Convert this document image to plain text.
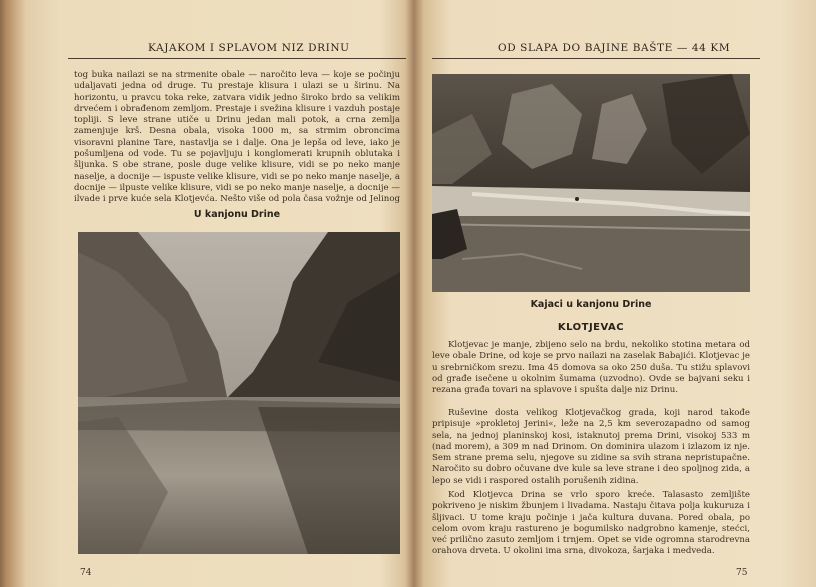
KAJAKOM I SPLAVOM NIZ DRINU

tog buka nailazi se na strmenite obale — naročito leva — koje se počinju udaljavati jedna od druge. Tu prestaje klisura i ulazi se u širinu. Na horizontu, u pravcu toka reke, zatvara vidik jedno široko brdo sa velikim drvećem i obrađenom zemljom. Prestaje i svežina klisure i vazduh postaje topliji. S leve strane utiče u Drinu jedan mali potok, a crna zemlja zamenjuje krš. Desna obala, visoka 1000 m, sa strmim obroncima visoravni planine Tare, nastavlja se i dalje. Ona je lepša od leve, iako je pošumljena od vode. Tu se pojavljuju i konglomerati krupnih oblutaka i šljunka. S obe strane, posle duge velike klisure, vidi se po neko manje naselje, a docnije — ispuste velike klisure, vidi se po neko manje naselje, a docnije — ilpuste velike klisure, vidi se po neko manje naselje, a docnije — ilvade i prve kuće sela Klotjevća. Nešto više od pola časa vožnje od Jelinog

U kanjonu Drine
74
OD SLAPA DO BAJINE BAŠTE — 44 KM
Kajaci u kanjonu Drine
KLOTJEVAC

Klotjevac je manje, zbijeno selo na brdu, nekoliko stotina metara od leve obale Drine, od koje se prvo nailazi na zaselak Babajići. Klotjevac je u srebrničkom srezu. Ima 45 domova sa oko 250 duša. Tu stižu splavovi od građe isečene u okolnim šumama (uzvodno). Ovde se bajvani seku i rezana građa tovari na splavove i spušta dalje niz Drinu.

Ruševine dosta velikog Klotjevačkog grada, koji narod takođe pripisuje »prokletoj Jerini«, leže na 2,5 km severozapadno od samog sela, na jednoj planinskoj kosi, istaknutoj prema Drini, visokoj 533 m (nad morem), a 309 m nad Drinom. On dominira ulazom i izlazom iz nje. Sem strane prema selu, njegove su zidine sa svih strana nepristupačne. Naročito su dobro očuvane dve kule sa leve strane i deo spoljnog zida, a lepo se vidi i raspored ostalih porušenih zidina.

Kod Klotjevca Drina se vrlo sporo kreće. Talasasto zemljište pokriveno je niskim žbunjem i livadama. Nastaju čitava polja kukuruza i šljivaci. U tome kraju počinje i jača kultura duvana. Pored obala, po celom ovom kraju rastureno je bogumilsko nadgrobno kamenje, stećci, već prilično zasuto zemljom i trnjem. Opet se vide ogromna starodrevna orahova drveta. U okolini ima srna, divokoza, šarjaka i medveda.

75
